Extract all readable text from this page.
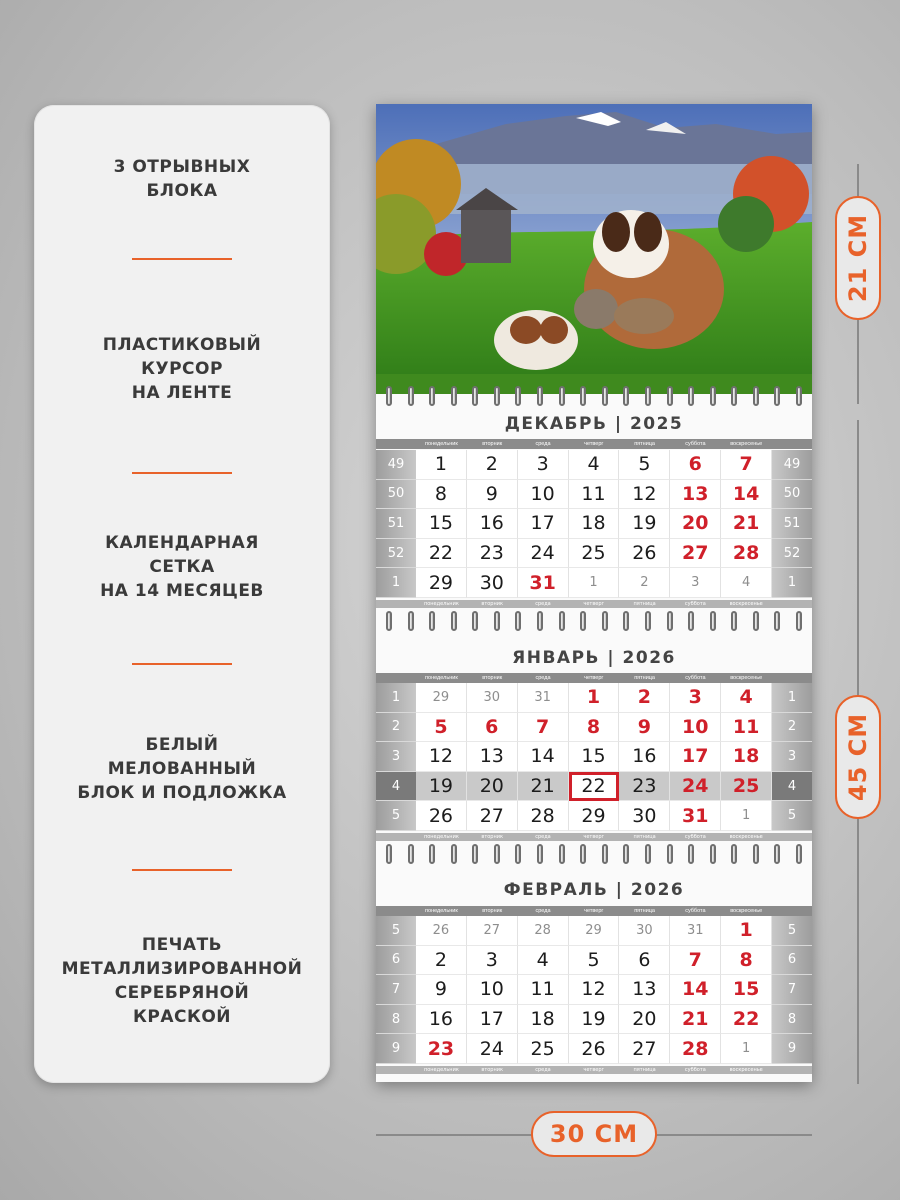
3 ОТРЫВНЫХ
БЛОКА
ПЛАСТИКОВЫЙ
КУРСОР
НА ЛЕНТЕ
КАЛЕНДАРНАЯ
СЕТКА
НА 14 МЕСЯЦЕВ
БЕЛЫЙ
МЕЛОВАННЫЙ
БЛОК И ПОДЛОЖКА
ПЕЧАТЬ
МЕТАЛЛИЗИРОВАННОЙ
СЕРЕБРЯНОЙ
КРАСКОЙ
21 СМ
45 СМ
30 СМ
ДЕКАБРЬ | 2025
понедельник	вторник	среда	четверг	пятница	суббота	воскресенье
49	1	2	3	4	5	6	7	49
50	8	9	10	11	12	13	14	50
51	15	16	17	18	19	20	21	51
52	22	23	24	25	26	27	28	52
1	29	30	31	1	2	3	4	1
понедельник	вторник	среда	четверг	пятница	суббота	воскресенье
ЯНВАРЬ | 2026
понедельник	вторник	среда	четверг	пятница	суббота	воскресенье
1	29	30	31	1	2	3	4	1
2	5	6	7	8	9	10	11	2
3	12	13	14	15	16	17	18	3
4	19	20	21	22	23	24	25	4
5	26	27	28	29	30	31	1	5
понедельник	вторник	среда	четверг	пятница	суббота	воскресенье
ФЕВРАЛЬ | 2026
понедельник	вторник	среда	четверг	пятница	суббота	воскресенье
5	26	27	28	29	30	31	1	5
6	2	3	4	5	6	7	8	6
7	9	10	11	12	13	14	15	7
8	16	17	18	19	20	21	22	8
9	23	24	25	26	27	28	1	9
понедельник	вторник	среда	четверг	пятница	суббота	воскресенье
